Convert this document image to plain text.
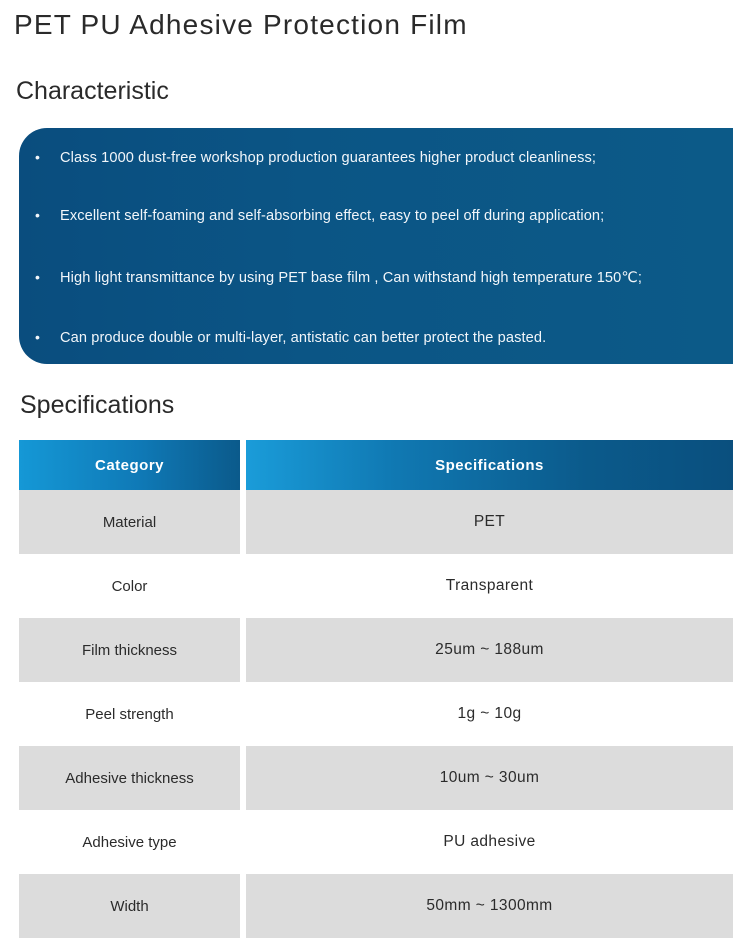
PET PU Adhesive Protection Film
Characteristic
• Class 1000 dust-free workshop production guarantees higher product cleanliness;
• Excellent self-foaming and self-absorbing effect, easy to peel off during application;
• High light transmittance by using PET base film , Can withstand high temperature 150℃;
• Can produce double or multi-layer, antistatic can better protect the pasted.
Specifications
Category	Specifications
Material	PET
Color	Transparent
Film thickness	25um ~ 188um
Peel strength	1g ~ 10g
Adhesive thickness	10um ~ 30um
Adhesive type	PU adhesive
Width	50mm ~ 1300mm
